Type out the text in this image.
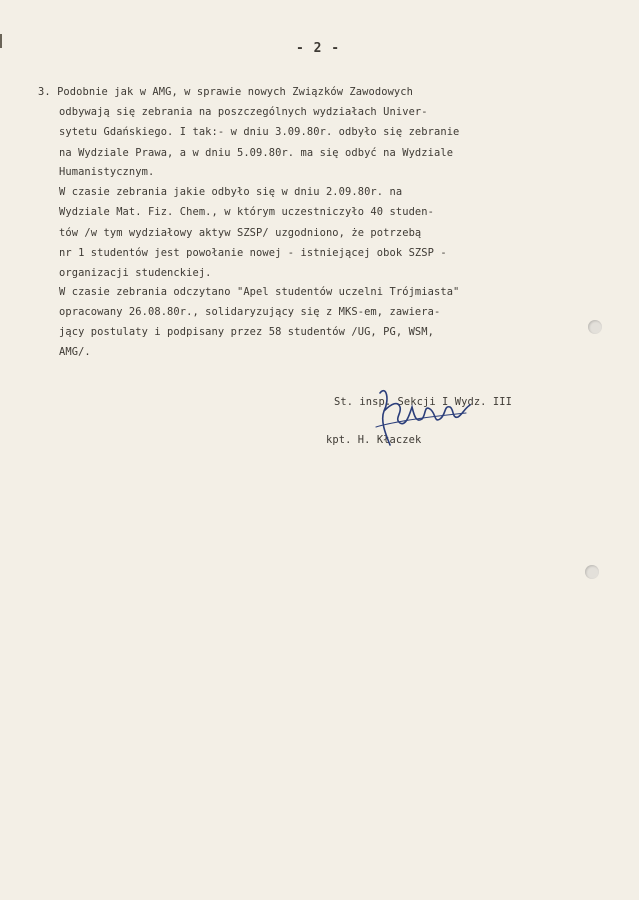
- 2 -
3. Podobnie jak w AMG, w sprawie nowych Związków Zawodowych
odbywają się zebrania na poszczególnych wydziałach Univer-
sytetu Gdańskiego. I tak:- w dniu 3.09.80r. odbyło się zebranie
na Wydziale Prawa, a w dniu 5.09.80r. ma się odbyć na Wydziale
Humanistycznym.
W czasie zebrania jakie odbyło się w dniu 2.09.80r. na
Wydziale Mat. Fiz. Chem., w którym uczestniczyło 40 studen-
tów /w tym wydziałowy aktyw SZSP/ uzgodniono, że potrzebą
nr 1 studentów jest powołanie nowej - istniejącej obok SZSP -
organizacji studenckiej.
W czasie zebrania odczytano "Apel studentów uczelni Trójmiasta"
opracowany 26.08.80r., solidaryzujący się z MKS-em, zawiera-
jący postulaty i podpisany przez 58 studentów /UG, PG, WSM,
AMG/.
St. insp. Sekcji I Wydz. III
kpt. H. Kłaczek
